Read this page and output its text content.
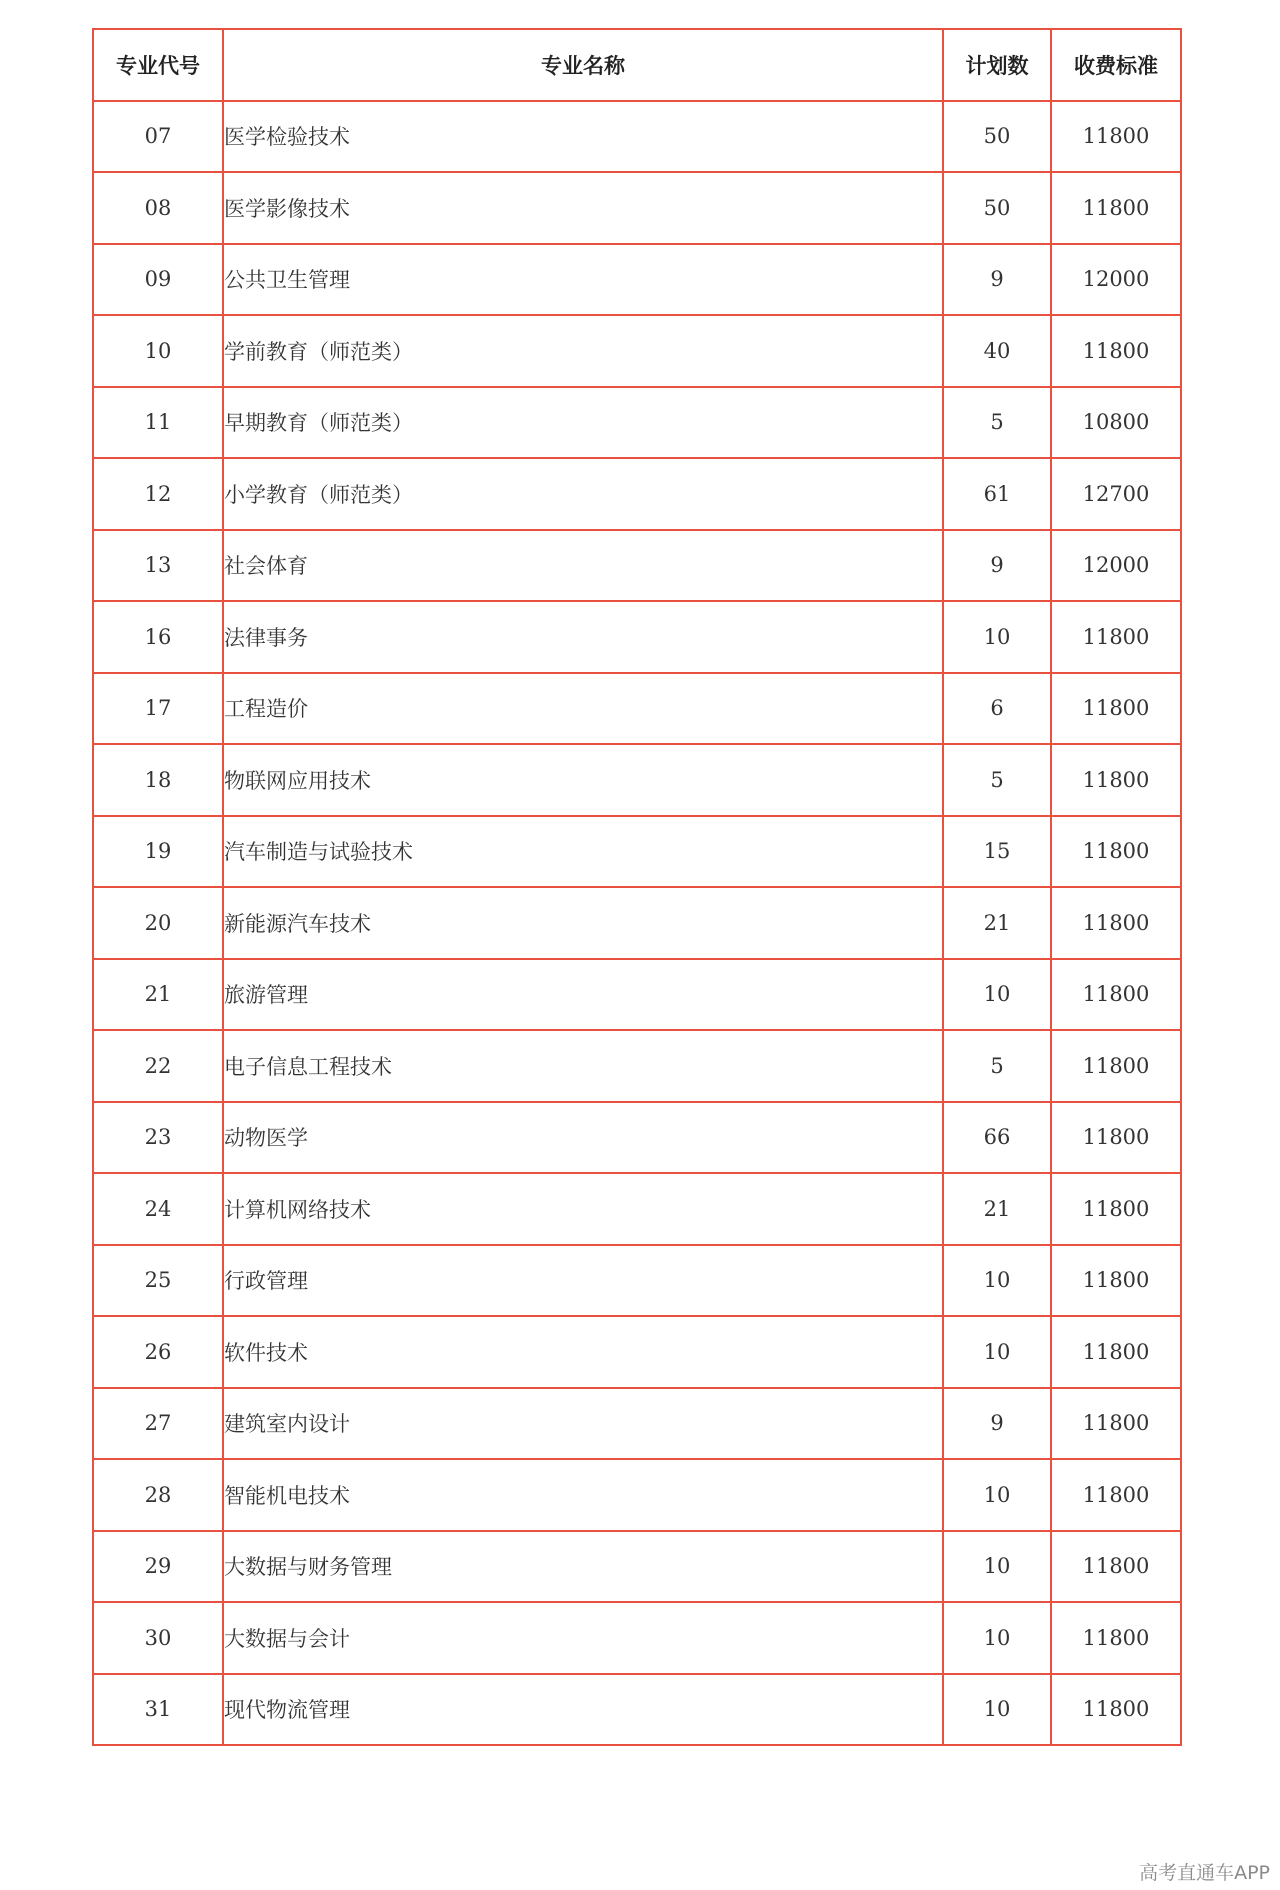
专业代号	专业名称	计划数	收费标准
07	医学检验技术	50	11800
08	医学影像技术	50	11800
09	公共卫生管理	9	12000
10	学前教育（师范类）	40	11800
11	早期教育（师范类）	5	10800
12	小学教育（师范类）	61	12700
13	社会体育	9	12000
16	法律事务	10	11800
17	工程造价	6	11800
18	物联网应用技术	5	11800
19	汽车制造与试验技术	15	11800
20	新能源汽车技术	21	11800
21	旅游管理	10	11800
22	电子信息工程技术	5	11800
23	动物医学	66	11800
24	计算机网络技术	21	11800
25	行政管理	10	11800
26	软件技术	10	11800
27	建筑室内设计	9	11800
28	智能机电技术	10	11800
29	大数据与财务管理	10	11800
30	大数据与会计	10	11800
31	现代物流管理	10	11800
高考直通车APP
